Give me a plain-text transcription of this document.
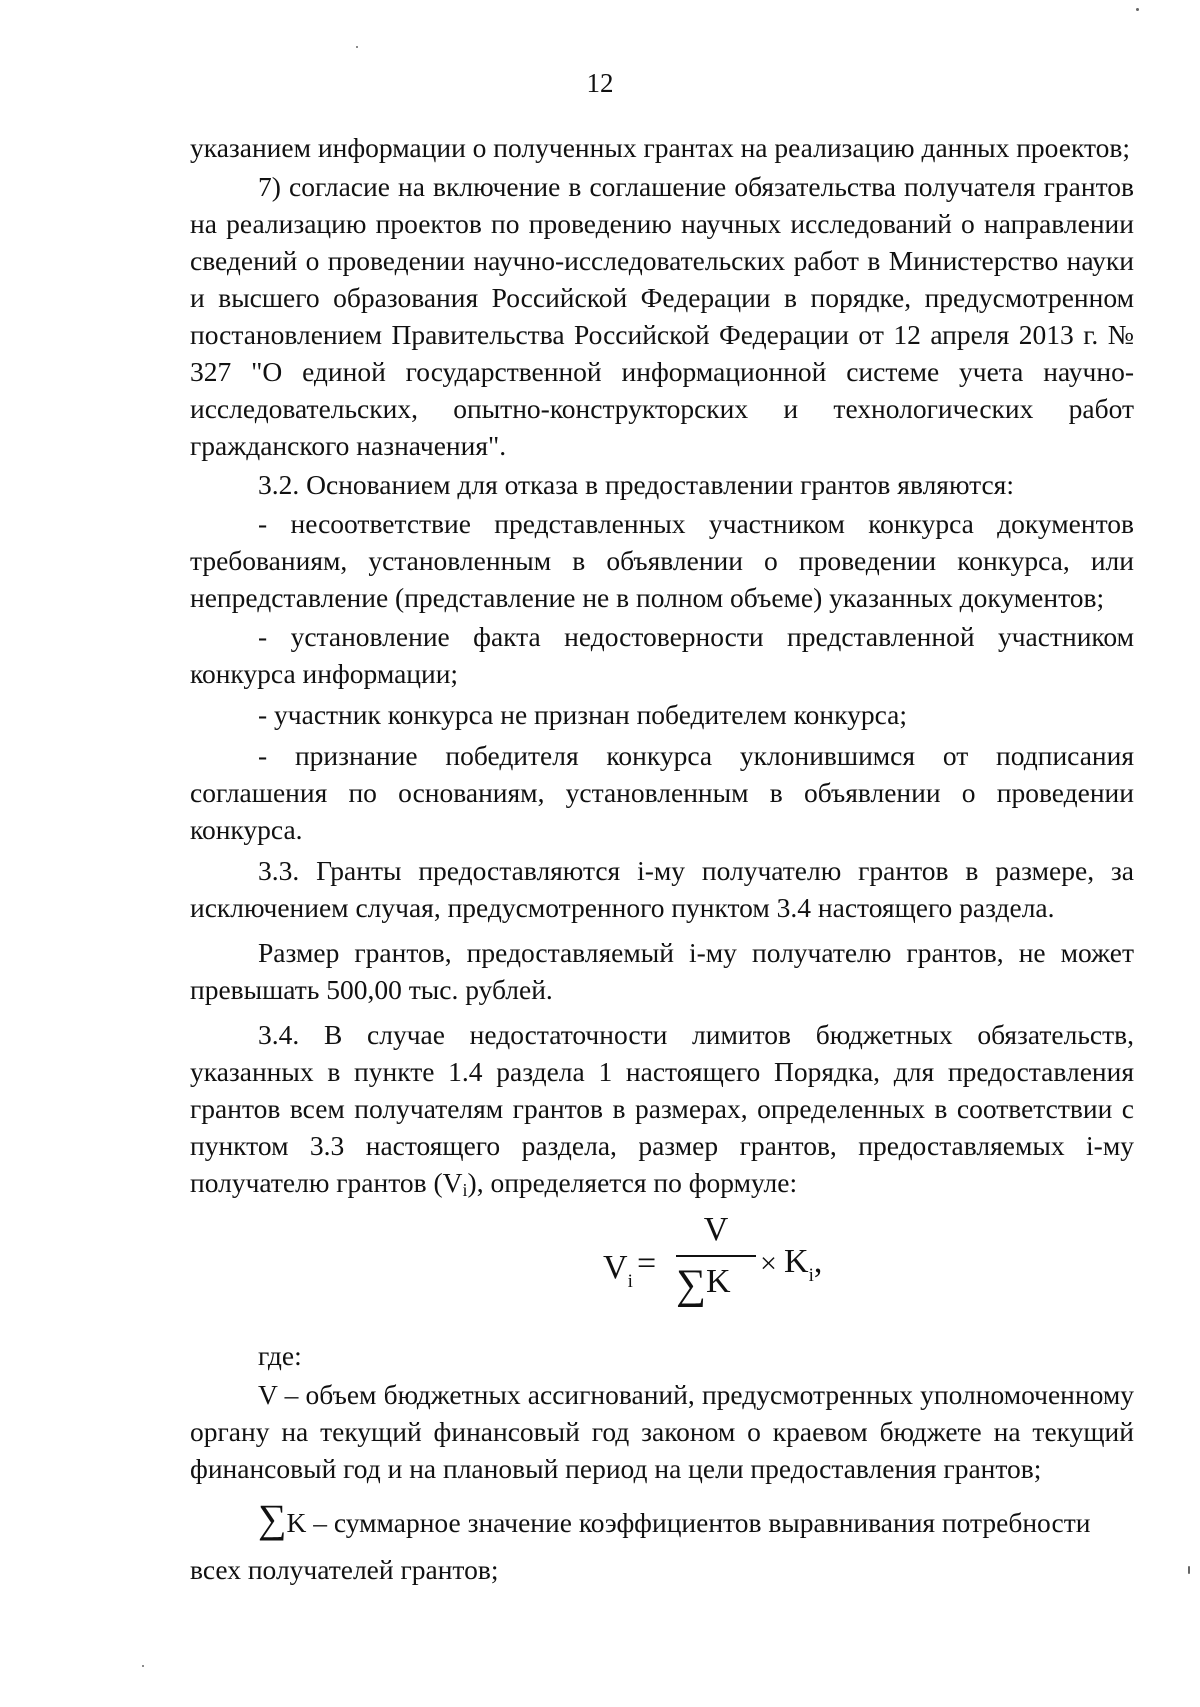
12

указанием информации о полученных грантах на реализацию данных проектов;

7) согласие на включение в соглашение обязательства получателя грантов на реализацию проектов по проведению научных исследований о направлении сведений о проведении научно-исследовательских работ в Министерство науки и высшего образования Российской Федерации в порядке, предусмотренном постановлением Правительства Российской Федерации от 12 апреля 2013 г. № 327 "О единой государственной информационной системе учета научно-исследовательских, опытно-конструкторских и технологических работ гражданского назначения".

3.2. Основанием для отказа в предоставлении грантов являются:

- несоответствие представленных участником конкурса документов требованиям, установленным в объявлении о проведении конкурса, или непредставление (представление не в полном объеме) указанных документов;

- установление факта недостоверности представленной участником конкурса информации;

- участник конкурса не признан победителем конкурса;

- признание победителя конкурса уклонившимся от подписания соглашения по основаниям, установленным в объявлении о проведении конкурса.

3.3. Гранты предоставляются i-му получателю грантов в размере, за исключением случая, предусмотренного пунктом 3.4 настоящего раздела.

Размер грантов, предоставляемый i-му получателю грантов, не может превышать 500,00 тыс. рублей.

3.4. В случае недостаточности лимитов бюджетных обязательств, указанных в пункте 1.4 раздела 1 настоящего Порядка, для предоставления грантов всем получателям грантов в размерах, определенных в соответствии с пунктом 3.3 настоящего раздела, размер грантов, предоставляемых i-му получателю грантов $(V_i)$, определяется по формуле:

$V_i$ =
V
$\sum K \times K_i$,

где:

V – объем бюджетных ассигнований, предусмотренных уполномоченному органу на текущий финансовый год законом о краевом бюджете на текущий финансовый год и на плановый период на цели предоставления грантов;

∑K – суммарное значение коэффициентов выравнивания потребности

всех получателей грантов;
